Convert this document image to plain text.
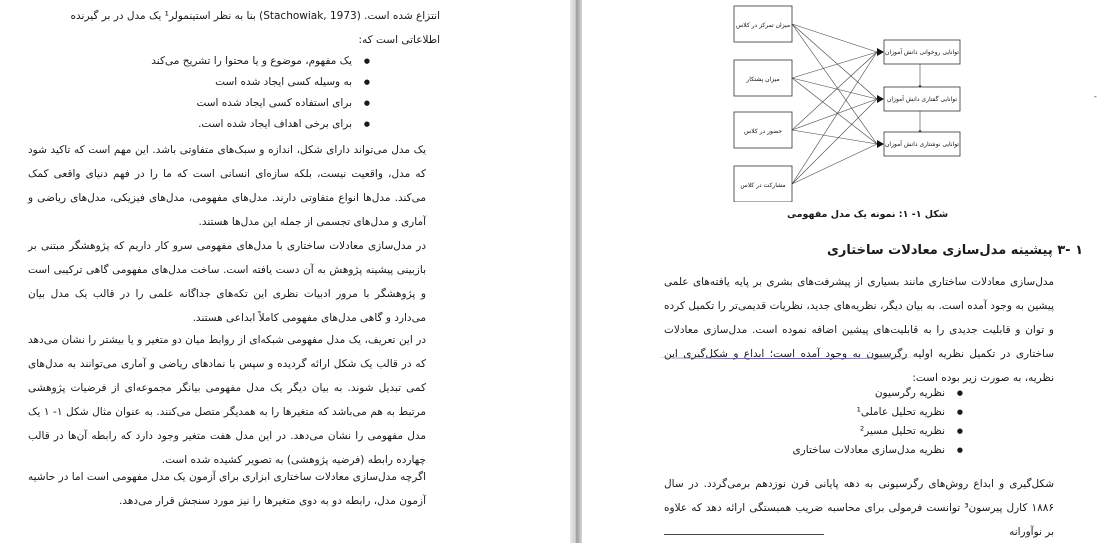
انتزاع شده است. (Stachowiak, 1973) بنا به نظر استینمولر¹ یک مدل در بر گیرنده

اطلاعاتی است که:

● یک مفهوم، موضوع و یا محتوا را تشریح می‌کند
● به وسیله کسی ایجاد شده است
● برای استفاده کسی ایجاد شده است
● برای برخی اهداف ایجاد شده است.

یک مدل می‌تواند دارای شکل، اندازه و سبک‌های متفاوتی باشد. این مهم است که تاکید شود که مدل، واقعیت نیست، بلکه سازه‌ای انسانی است که ما را در فهم دنیای واقعی کمک می‌کند. مدل‌ها انواع متفاوتی دارند. مدل‌های مفهومی، مدل‌های فیزیکی، مدل‌های ریاضی و آماری و مدل‌های تجسمی از جمله این مدل‌ها هستند.

در مدل‌سازی معادلات ساختاری با مدل‌های مفهومی سرو کار داریم که پژوهشگر مبتنی بر بازبینی پیشینه پژوهش به آن دست یافته است. ساخت مدل‌های مفهومی گاهی ترکیبی است و پژوهشگر با مرور ادبیات نظری این تکه‌های جداگانه علمی را در قالب یک مدل بیان می‌دارد و گاهی مدل‌های مفهومی کاملاً ابداعی هستند.

در این تعریف، یک مدل مفهومی شبکه‌ای از روابط میان دو متغیر و یا بیشتر را نشان می‌دهد که در قالب یک شکل ارائه گردیده و سپس با نمادهای ریاضی و آماری می‌توانند به مدل‌های کمی تبدیل شوند. به بیان دیگر یک مدل مفهومی بیانگر مجموعه‌ای از فرضیات پژوهشی مرتبط به هم می‌باشد که متغیرها را به همدیگر متصل می‌کنند. به عنوان مثال شکل ۱- ۱ یک مدل مفهومی را نشان می‌دهد. در این مدل هفت متغیر وجود دارد که رابطه آن‌ها در قالب چهارده رابطه (فرضیه پژوهشی) به تصویر کشیده شده است.

اگرچه مدل‌سازی معادلات ساختاری ابزاری برای آزمون یک مدل مفهومی است اما در حاشیه آزمون مدل، رابطه دو به دوی متغیرها را نیز مورد سنجش قرار می‌دهد.

میزان تمرکز در کلاس
میزان پشتکار
حضور در کلاس
مشارکت در کلاس
توانایی روخوانی دانش آموزان
توانایی گفتاری دانش آموزان
توانایی نوشتاری دانش آموزان
شکل ۱- ۱: نمونه یک مدل مفهومی
۱ -۳ پیشینه مدل‌سازی معادلات ساختاری

مدل‌سازی معادلات ساختاری مانند بسیاری از پیشرفت‌های بشری بر پایه یافته‌های علمی پیشین به وجود آمده است. به بیان دیگر، نظریه‌های جدید، نظریات قدیمی‌تر را تکمیل کرده و توان و قابلیت جدیدی را به قابلیت‌های پیشین اضافه نموده است. مدل‌سازی معادلات ساختاری در تکمیل نظریه اولیه رگرسیون به وجود آمده است؛ ابداع و شکل‌گیری این نظریه، به صورت زیر بوده است:

● نظریه رگرسیون
● نظریه تحلیل عاملی¹
● نظریه تحلیل مسیر²
● نظریه مدل‌سازی معادلات ساختاری

شکل‌گیری و ابداع روش‌های رگرسیونی به دهه پایانی قرن نوزدهم برمی‌گردد. در سال ۱۸۸۶ کارل پیرسون³ توانست فرمولی برای محاسبه ضریب همبستگی ارائه دهد که علاوه بر نوآورانه

-
